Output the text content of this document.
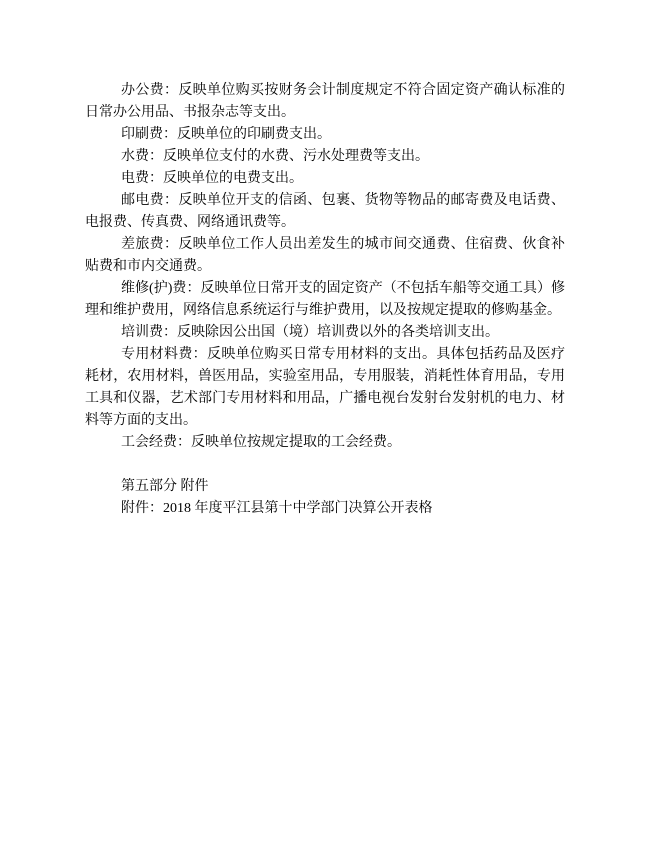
办公费：反映单位购买按财务会计制度规定不符合固定资产确认标准的日常办公用品、书报杂志等支出。

印刷费：反映单位的印刷费支出。

水费：反映单位支付的水费、污水处理费等支出。

电费：反映单位的电费支出。

邮电费：反映单位开支的信函、包裹、货物等物品的邮寄费及电话费、电报费、传真费、网络通讯费等。

差旅费：反映单位工作人员出差发生的城市间交通费、住宿费、伙食补贴费和市内交通费。

维修(护)费：反映单位日常开支的固定资产（不包括车船等交通工具）修理和维护费用，网络信息系统运行与维护费用，以及按规定提取的修购基金。

培训费：反映除因公出国（境）培训费以外的各类培训支出。

专用材料费：反映单位购买日常专用材料的支出。具体包括药品及医疗耗材，农用材料，兽医用品，实验室用品，专用服装，消耗性体育用品，专用工具和仪器，艺术部门专用材料和用品，广播电视台发射台发射机的电力、材料等方面的支出。

工会经费：反映单位按规定提取的工会经费。

第五部分 附件

附件：2018 年度平江县第十中学部门决算公开表格
